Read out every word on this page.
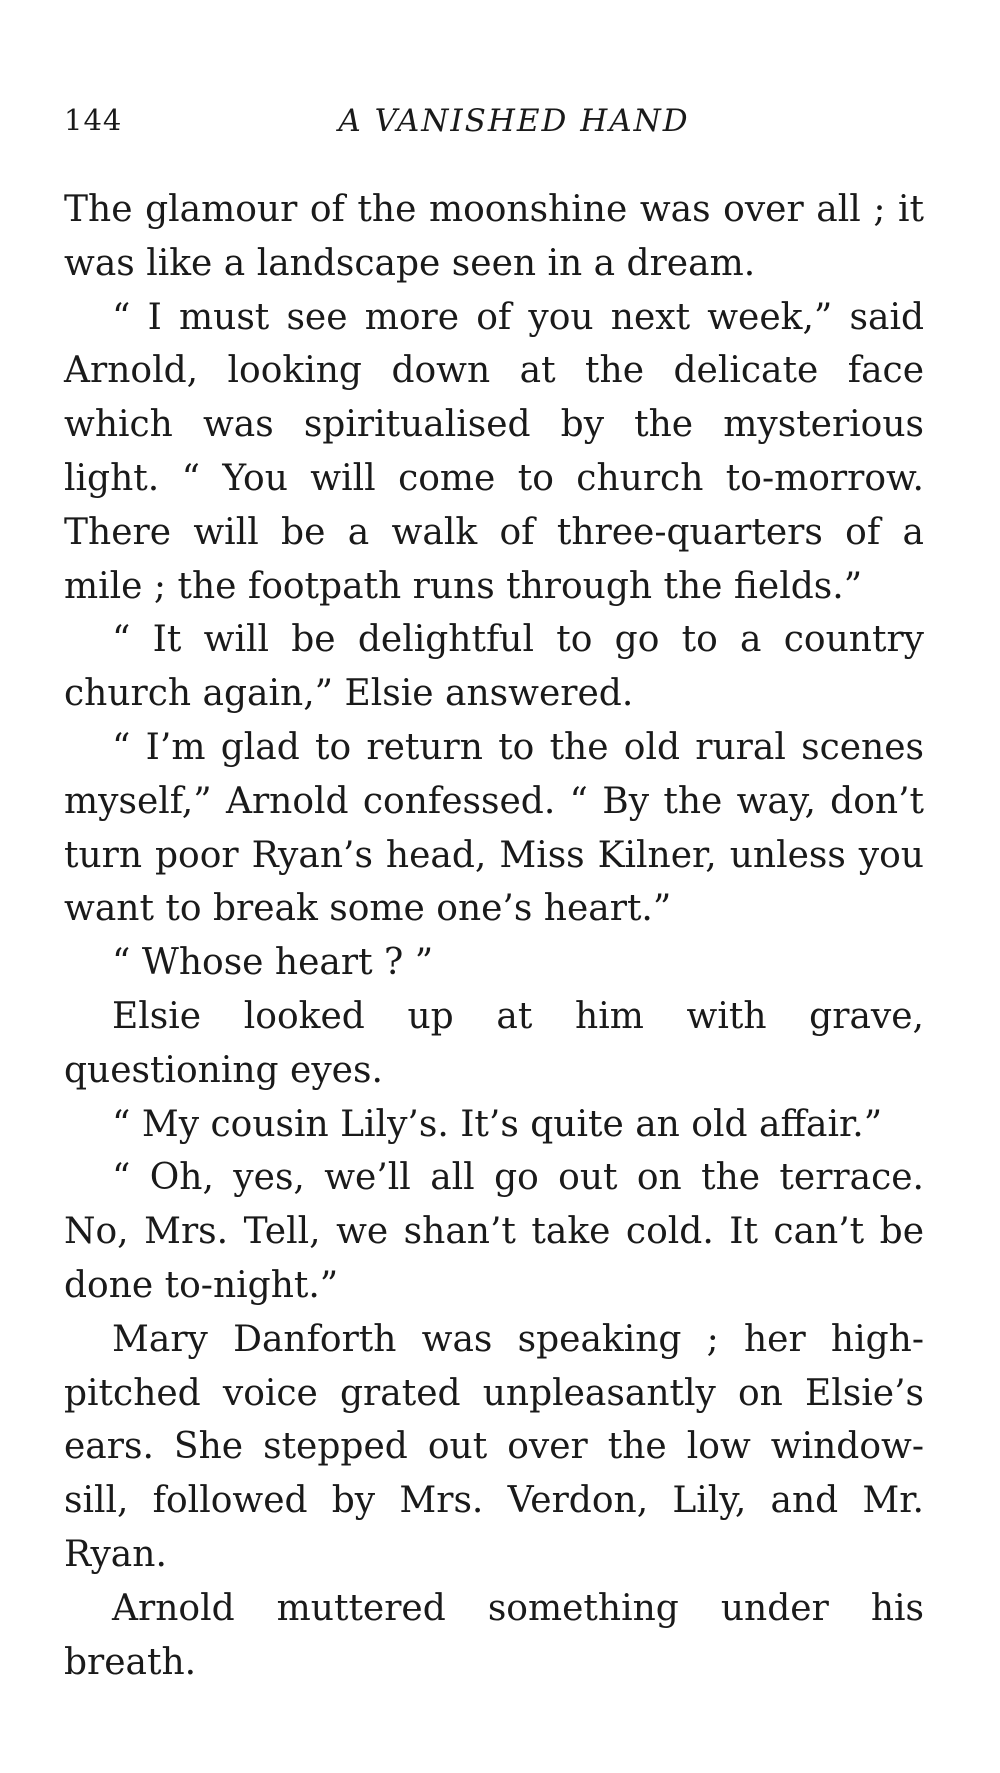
144	A VANISHED HAND

The glamour of the moonshine was over all ; it was like a landscape seen in a dream.

“ I must see more of you next week,” said Arnold, looking down at the delicate face which was spiritualised by the mysterious light. “ You will come to church to-morrow. There will be a walk of three-quarters of a mile ; the footpath runs through the fields.”

“ It will be delightful to go to a country church again,” Elsie answered.

“ I’m glad to return to the old rural scenes myself,” Arnold confessed. “ By the way, don’t turn poor Ryan’s head, Miss Kilner, unless you want to break some one’s heart.”

“ Whose heart ? ”

Elsie looked up at him with grave, questioning eyes.

“ My cousin Lily’s. It’s quite an old affair.”

“ Oh, yes, we’ll all go out on the terrace. No, Mrs. Tell, we shan’t take cold. It can’t be done to-night.”

Mary Danforth was speaking ; her high-pitched voice grated unpleasantly on Elsie’s ears. She stepped out over the low window-sill, followed by Mrs. Verdon, Lily, and Mr. Ryan.

Arnold muttered something under his breath.
